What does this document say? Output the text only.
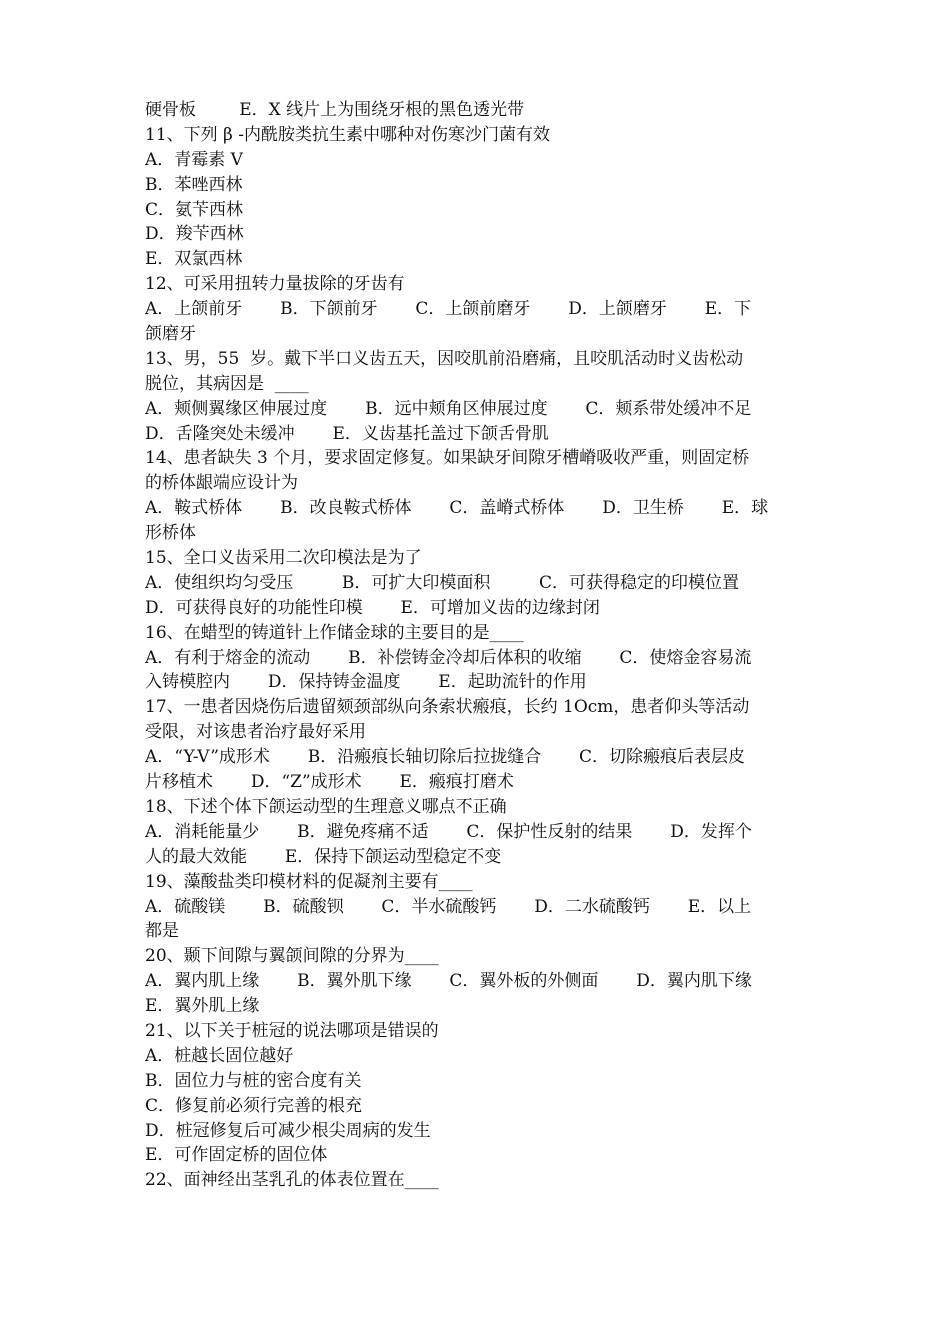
硬骨板        E．X 线片上为围绕牙根的黑色透光带
11、下列 β -内酰胺类抗生素中哪种对伤寒沙门菌有效
A．青霉素 V
B．苯唑西林
C．氨苄西林
D．羧苄西林
E．双氯西林
12、可采用扭转力量拔除的牙齿有
A．上颌前牙       B．下颌前牙       C．上颌前磨牙       D．上颌磨牙       E．下
颌磨牙
13、男，55  岁。戴下半口义齿五天，因咬肌前沿磨痛，且咬肌活动时义齿松动
脱位，其病因是  ____
A．颊侧翼缘区伸展过度       B．远中颊角区伸展过度       C．颊系带处缓冲不足
D．舌隆突处未缓冲       E．义齿基托盖过下颌舌骨肌
14、患者缺失 3 个月，要求固定修复。如果缺牙间隙牙槽嵴吸收严重，则固定桥
的桥体龈端应设计为
A．鞍式桥体       B．改良鞍式桥体       C．盖嵴式桥体       D．卫生桥       E．球
形桥体
15、全口义齿采用二次印模法是为了
A．使组织均匀受压         B．可扩大印模面积         C．可获得稳定的印模位置
D．可获得良好的功能性印模       E．可增加义齿的边缘封闭
16、在蜡型的铸道针上作储金球的主要目的是____
A．有利于熔金的流动       B．补偿铸金冷却后体积的收缩       C．使熔金容易流
入铸模腔内       D．保持铸金温度       E．起助流针的作用
17、一患者因烧伤后遗留颏颈部纵向条索状瘢痕，长约 1Ocm，患者仰头等活动
受限，对该患者治疗最好采用
A．“Y-V”成形术       B．沿瘢痕长轴切除后拉拢缝合       C．切除瘢痕后表层皮
片移植术       D．“Z”成形术       E．瘢痕打磨术
18、下述个体下颌运动型的生理意义哪点不正确
A．消耗能量少       B．避免疼痛不适       C．保护性反射的结果       D．发挥个
人的最大效能       E．保持下颌运动型稳定不变
19、藻酸盐类印模材料的促凝剂主要有____
A．硫酸镁       B．硫酸钡       C．半水硫酸钙       D．二水硫酸钙       E．以上
都是
20、颞下间隙与翼颌间隙的分界为____
A．翼内肌上缘       B．翼外肌下缘       C．翼外板的外侧面       D．翼内肌下缘
E．翼外肌上缘
21、以下关于桩冠的说法哪项是错误的
A．桩越长固位越好
B．固位力与桩的密合度有关
C．修复前必须行完善的根充
D．桩冠修复后可减少根尖周病的发生
E．可作固定桥的固位体
22、面神经出茎乳孔的体表位置在____
